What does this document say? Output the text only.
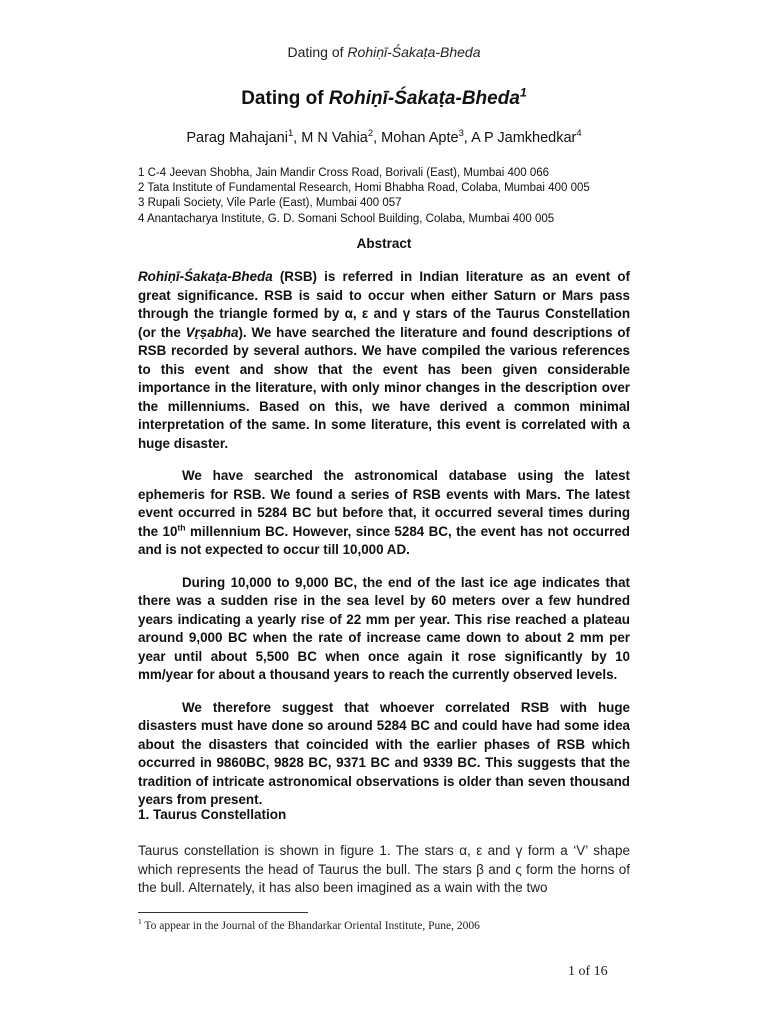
Dating of Rohiṇī-Śakaṭa-Bheda
Dating of Rohiṇī-Śakaṭa-Bheda$^1$
Parag Mahajani$^1$, M N Vahia$^2$, Mohan Apte$^3$, A P Jamkhedkar$^4$
1 C-4 Jeevan Shobha, Jain Mandir Cross Road, Borivali (East), Mumbai 400 066
2 Tata Institute of Fundamental Research, Homi Bhabha Road, Colaba, Mumbai 400 005
3 Rupali Society, Vile Parle (East), Mumbai 400 057
4 Anantacharya Institute, G. D. Somani School Building, Colaba, Mumbai 400 005
Abstract

Rohiṇī-Śakaṭa-Bheda (RSB) is referred in Indian literature as an event of great significance. RSB is said to occur when either Saturn or Mars pass through the triangle formed by α, ε and γ stars of the Taurus Constellation (or the Vṛṣabha). We have searched the literature and found descriptions of RSB recorded by several authors. We have compiled the various references to this event and show that the event has been given considerable importance in the literature, with only minor changes in the description over the millenniums. Based on this, we have derived a common minimal interpretation of the same. In some literature, this event is correlated with a huge disaster.

We have searched the astronomical database using the latest ephemeris for RSB. We found a series of RSB events with Mars. The latest event occurred in 5284 BC but before that, it occurred several times during the 10th millennium BC. However, since 5284 BC, the event has not occurred and is not expected to occur till 10,000 AD.

During 10,000 to 9,000 BC, the end of the last ice age indicates that there was a sudden rise in the sea level by 60 meters over a few hundred years indicating a yearly rise of 22 mm per year. This rise reached a plateau around 9,000 BC when the rate of increase came down to about 2 mm per year until about 5,500 BC when once again it rose significantly by 10 mm/year for about a thousand years to reach the currently observed levels.

We therefore suggest that whoever correlated RSB with huge disasters must have done so around 5284 BC and could have had some idea about the disasters that coincided with the earlier phases of RSB which occurred in 9860BC, 9828 BC, 9371 BC and 9339 BC. This suggests that the tradition of intricate astronomical observations is older than seven thousand years from present.

1. Taurus Constellation

Taurus constellation is shown in figure 1. The stars α, ε and γ form a ‘V’ shape which represents the head of Taurus the bull. The stars β and ς form the horns of the bull. Alternately, it has also been imagined as a wain with the two

$^1$ To appear in the Journal of the Bhandarkar Oriental Institute, Pune, 2006
1 of 16
